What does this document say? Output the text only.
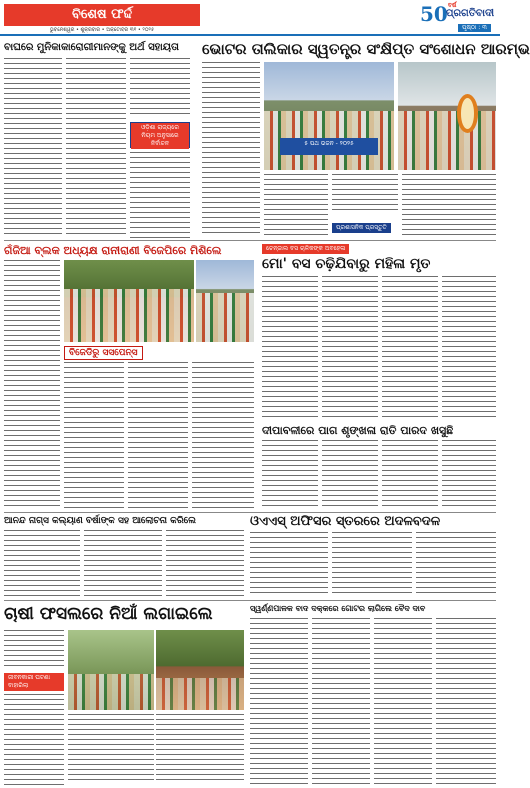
ବିଶେଷ ଫର୍ଦ୍ଦ
ଭୁବନେଶ୍ୱର • ଶୁକ୍ରବାର • ଅକ୍ଟୋବର ୩୧ • ୨୦୨୫
$50^{ବର୍ଷ}$
ପ୍ରଗତିବାଦୀ
ପୃଷ୍ଠା : ୩
ବାଘରେ ମୁନିକାକାରୋଗୀମାନଙ୍କୁ ଅର୍ଥ ସହାୟତା
ଓଡ଼ିଶା ରାଜ୍ୟରେ ନିୟମ ଅନୁସାରେ ନିର୍ବାଚନ
ଭୋଟର ତାଲିକାର ସ୍ୱତନ୍ତ୍ର ସଂକ୍ଷିପ୍ତ ସଂଶୋଧନ ଆରମ୍ଭ
୫ ପଥ ଭଜନ - ୨୦୨୫
ପ୍ରଶାସନିକ ପ୍ରସ୍ତୁତି
ଗଁଜିଆ ବ୍ଲକ ଅଧ୍ୟକ୍ଷ ରାନୀରାଣୀ ବିଜେପିରେ ମିଶିଲେ
ବିଜେଡିରୁ ସସପେନ୍ସ
ଚେନ୍ଜାଲ ବସ ଚାଳିକଙ୍କ ଅବହେଳା
ମୋ' ବସ ଚଢ଼ିଯିବାରୁ ମହିଳା ମୃତ
ଦୀପାବଳୀରେ ପାଗ ଶୃଙ୍ଖଳା ରାତି ପାରଦ ଖସୁଛି
ଆନନ୍ଦ ନାଗ୍ସ କଲ୍ୟାଣ ବର୍ଷାଙ୍କ ସହ ଆଲୋଚନା କରିଲେ	ଓଏଏସ୍ ଅଫିସର ସ୍ତରରେ ଅଦଳବଦଳ
ଚାଷୀ ଫସଲରେ ନିଆଁ ଲଗାଇଲେ
ଜୀବନକାରୀ ଘଟଣା ବାହାରିଲା
ସ୍ୱର୍ଣ୍ଣପାଳକ ବାଦ ଦକ୍କରେ ଗୋଟର ଲାଗିଲେ ବୈଦ ଦାବ
